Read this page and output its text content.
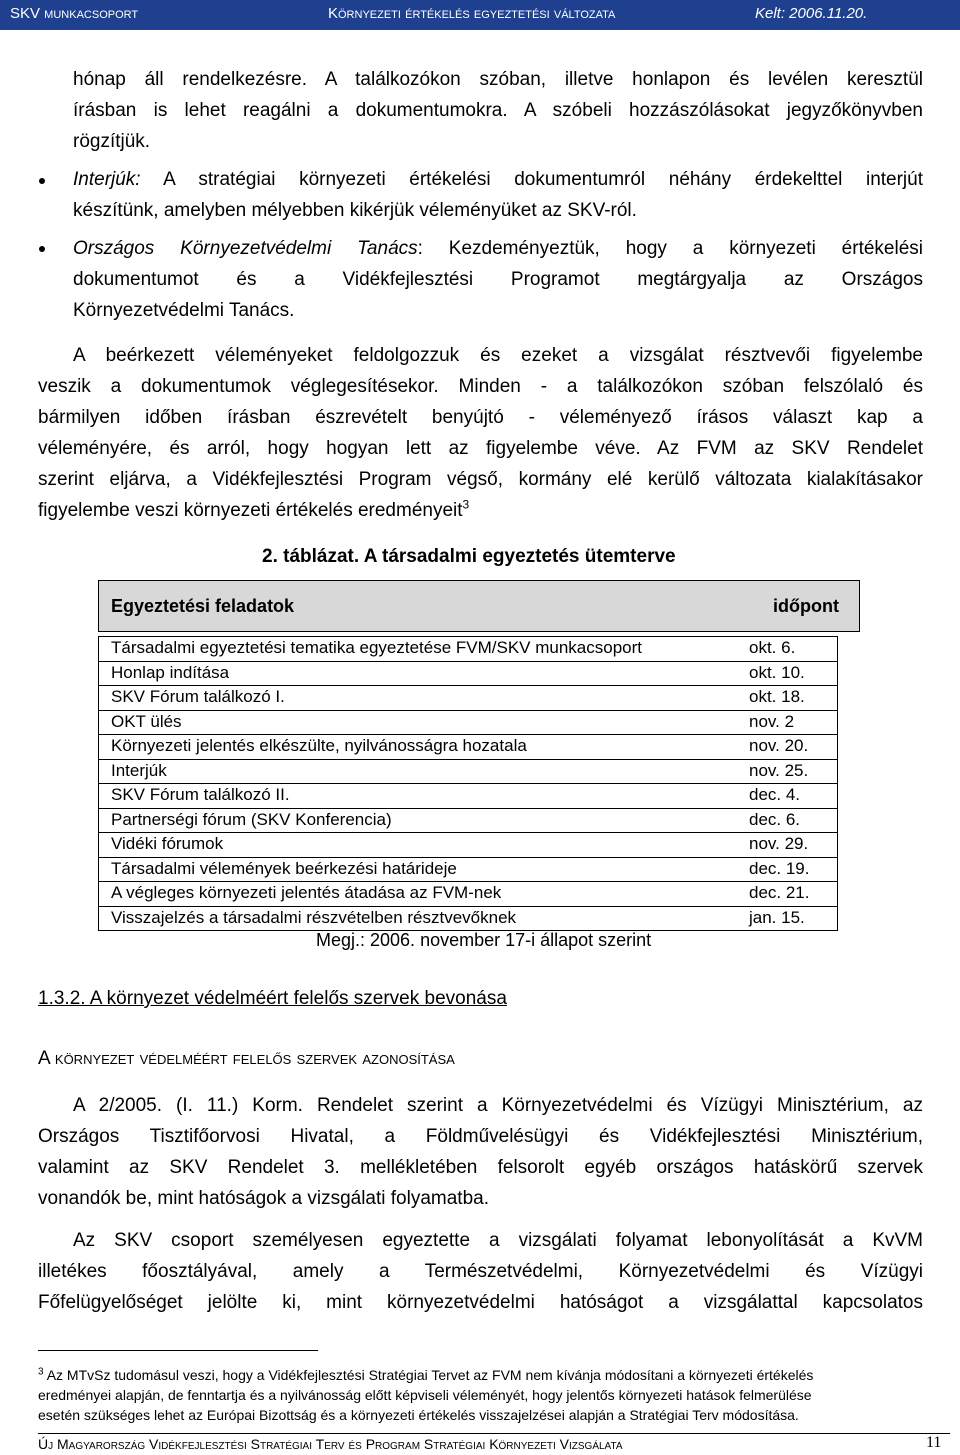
SKV munkacsoport	Környezeti értékelés egyeztetési változata	Kelt: 2006.11.20.
hónap áll rendelkezésre. A találkozókon szóban, illetve honlapon és levélen keresztül
írásban is lehet reagálni a dokumentumokra. A szóbeli hozzászólásokat jegyzőkönyvben
rögzítjük.
Interjúk: A stratégiai környezeti értékelési dokumentumról néhány érdekelttel interjút
készítünk, amelyben mélyebben kikérjük véleményüket az SKV-ról.
Országos Környezetvédelmi Tanács: Kezdeményeztük, hogy a környezeti értékelési
dokumentumot és a Vidékfejlesztési Programot megtárgyalja az Országos
Környezetvédelmi Tanács.
A beérkezett véleményeket feldolgozzuk és ezeket a vizsgálat résztvevői figyelembe
veszik a dokumentumok véglegesítésekor. Minden - a találkozókon szóban felszólaló és
bármilyen időben írásban észrevételt benyújtó - véleményező írásos választ kap a
véleményére, és arról, hogy hogyan lett az figyelembe véve. Az FVM az SKV Rendelet
szerint eljárva, a Vidékfejlesztési Program végső, kormány elé kerülő változata kialakításakor
figyelembe veszi környezeti értékelés eredményeit$^3$
2. táblázat. A társadalmi egyeztetés ütemterve
Egyeztetési feladatok	időpont
Társadalmi egyeztetési tematika egyeztetése FVM/SKV munkacsoport	okt. 6.
Honlap indítása	okt. 10.
SKV Fórum találkozó I.	okt. 18.
OKT ülés	nov. 2
Környezeti jelentés elkészülte, nyilvánosságra hozatala	nov. 20.
Interjúk	nov. 25.
SKV Fórum találkozó II.	dec. 4.
Partnerségi fórum (SKV Konferencia)	dec. 6.
Vidéki fórumok	nov. 29.
Társadalmi vélemények beérkezési határideje	dec. 19.
A végleges környezeti jelentés átadása az FVM-nek	dec. 21.
Visszajelzés a társadalmi részvételben résztvevőknek	jan. 15.
Megj.: 2006. november 17-i állapot szerint
1.3.2. A környezet védelméért felelős szervek bevonása
A környezet védelméért felelős szervek azonosítása
A 2/2005. (I. 11.) Korm. Rendelet szerint a Környezetvédelmi és Vízügyi Minisztérium, az
Országos Tisztifőorvosi Hivatal, a Földművelésügyi és Vidékfejlesztési Minisztérium,
valamint az SKV Rendelet 3. mellékletében felsorolt egyéb országos hatáskörű szervek
vonandók be, mint hatóságok a vizsgálati folyamatba.
Az SKV csoport személyesen egyeztette a vizsgálati folyamat lebonyolítását a KvVM
illetékes főosztályával, amely a Természetvédelmi, Környezetvédelmi és Vízügyi
Főfelügyelőséget jelölte ki, mint környezetvédelmi hatóságot a vizsgálattal kapcsolatos
$^3$ Az MTvSz tudomásul veszi, hogy a Vidékfejlesztési Stratégiai Tervet az FVM nem kívánja módosítani a környezeti értékelés
eredményei alapján, de fenntartja és a nyilvánosság előtt képviseli véleményét, hogy jelentős környezeti hatások felmerülése
esetén szükséges lehet az Európai Bizottság és a környezeti értékelés visszajelzései alapján a Stratégiai Terv módosítása.
Új Magyarország Vidékfejlesztési Stratégiai Terv és Program Stratégiai Környezeti Vizsgálata	11
